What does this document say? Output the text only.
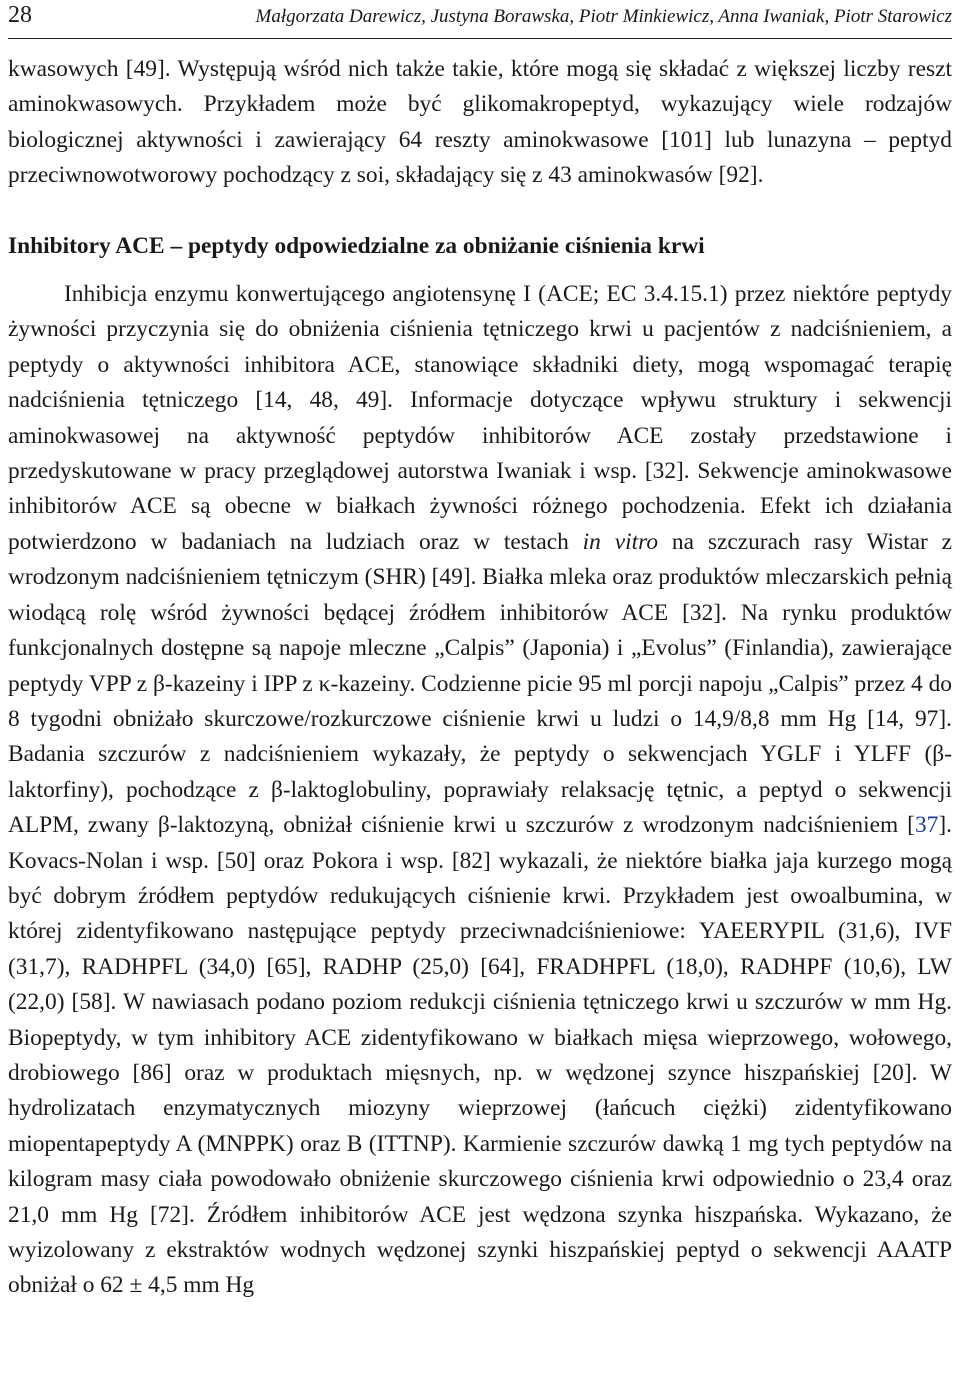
28	Małgorzata Darewicz, Justyna Borawska, Piotr Minkiewicz, Anna Iwaniak, Piotr Starowicz

kwasowych [49]. Występują wśród nich także takie, które mogą się składać z większej liczby reszt aminokwasowych. Przykładem może być glikomakropeptyd, wykazujący wiele rodzajów biologicznej aktywności i zawierający 64 reszty aminokwasowe [101] lub lunazyna – peptyd przeciwnowotworowy pochodzący z soi, składający się z 43 aminokwasów [92].

Inhibitory ACE – peptydy odpowiedzialne za obniżanie ciśnienia krwi

Inhibicja enzymu konwertującego angiotensynę I (ACE; EC 3.4.15.1) przez niektóre peptydy żywności przyczynia się do obniżenia ciśnienia tętniczego krwi u pacjentów z nadciśnieniem, a peptydy o aktywności inhibitora ACE, stanowiące składniki diety, mogą wspomagać terapię nadciśnienia tętniczego [14, 48, 49]. Informacje dotyczące wpływu struktury i sekwencji aminokwasowej na aktywność peptydów inhibitorów ACE zostały przedstawione i przedyskutowane w pracy przeglądowej autorstwa Iwaniak i wsp. [32]. Sekwencje aminokwasowe inhibitorów ACE są obecne w białkach żywności różnego pochodzenia. Efekt ich działania potwierdzono w badaniach na ludziach oraz w testach in vitro na szczurach rasy Wistar z wrodzonym nadciśnieniem tętniczym (SHR) [49]. Białka mleka oraz produktów mleczarskich pełnią wiodącą rolę wśród żywności będącej źródłem inhibitorów ACE [32]. Na rynku produktów funkcjonalnych dostępne są napoje mleczne „Calpis” (Japonia) i „Evolus” (Finlandia), zawierające peptydy VPP z β-kazeiny i IPP z κ-kazeiny. Codzienne picie 95 ml porcji napoju „Calpis” przez 4 do 8 tygodni obniżało skurczowe/rozkurczowe ciśnienie krwi u ludzi o 14,9/8,8 mm Hg [14, 97]. Badania szczurów z nadciśnieniem wykazały, że peptydy o sekwencjach YGLF i YLFF (β-laktorfiny), pochodzące z β-laktoglobuliny, poprawiały relaksację tętnic, a peptyd o sekwencji ALPM, zwany β-laktozyną, obniżał ciśnienie krwi u szczurów z wrodzonym nadciśnieniem [37]. Kovacs-Nolan i wsp. [50] oraz Pokora i wsp. [82] wykazali, że niektóre białka jaja kurzego mogą być dobrym źródłem peptydów redukujących ciśnienie krwi. Przykładem jest owoalbumina, w której zidentyfikowano następujące peptydy przeciwnadciśnieniowe: YAEERYPIL (31,6), IVF (31,7), RADHPFL (34,0) [65], RADHP (25,0) [64], FRADHPFL (18,0), RADHPF (10,6), LW (22,0) [58]. W nawiasach podano poziom redukcji ciśnienia tętniczego krwi u szczurów w mm Hg. Biopeptydy, w tym inhibitory ACE zidentyfikowano w białkach mięsa wieprzowego, wołowego, drobiowego [86] oraz w produktach mięsnych, np. w wędzonej szynce hiszpańskiej [20]. W hydrolizatach enzymatycznych miozyny wieprzowej (łańcuch ciężki) zidentyfikowano miopentapeptydy A (MNPPK) oraz B (ITTNP). Karmienie szczurów dawką 1 mg tych peptydów na kilogram masy ciała powodowało obniżenie skurczowego ciśnienia krwi odpowiednio o 23,4 oraz 21,0 mm Hg [72]. Źródłem inhibitorów ACE jest wędzona szynka hiszpańska. Wykazano, że wyizolowany z ekstraktów wodnych wędzonej szynki hiszpańskiej peptyd o sekwencji AAATP obniżał o 62 ± 4,5 mm Hg
